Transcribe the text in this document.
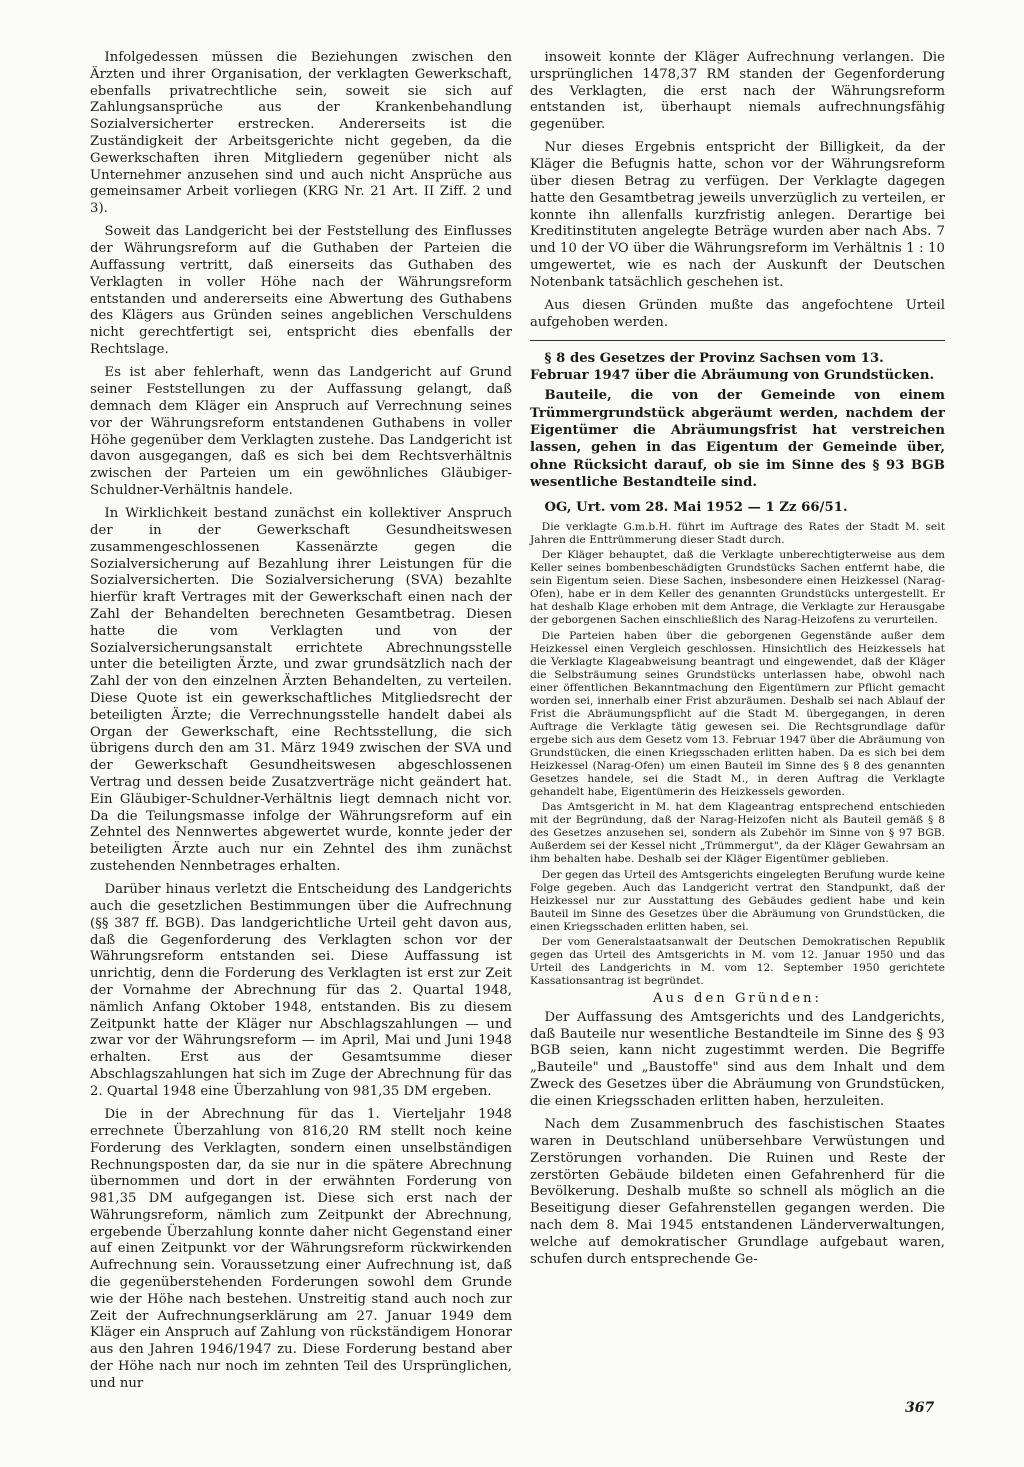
Infolgedessen müssen die Beziehungen zwischen den Ärzten und ihrer Organisation, der verklagten Gewerkschaft, ebenfalls privatrechtliche sein, soweit sie sich auf Zahlungsansprüche aus der Krankenbehandlung Sozialversicherter erstrecken. Andererseits ist die Zuständigkeit der Arbeitsgerichte nicht gegeben, da die Gewerkschaften ihren Mitgliedern gegenüber nicht als Unternehmer anzusehen sind und auch nicht Ansprüche aus gemeinsamer Arbeit vorliegen (KRG Nr. 21 Art. II Ziff. 2 und 3).

Soweit das Landgericht bei der Feststellung des Einflusses der Währungsreform auf die Guthaben der Parteien die Auffassung vertritt, daß einerseits das Guthaben des Verklagten in voller Höhe nach der Währungsreform entstanden und andererseits eine Abwertung des Guthabens des Klägers aus Gründen seines angeblichen Verschuldens nicht gerechtfertigt sei, entspricht dies ebenfalls der Rechtslage.

Es ist aber fehlerhaft, wenn das Landgericht auf Grund seiner Feststellungen zu der Auffassung gelangt, daß demnach dem Kläger ein Anspruch auf Verrechnung seines vor der Währungsreform entstandenen Guthabens in voller Höhe gegenüber dem Verklagten zustehe. Das Landgericht ist davon ausgegangen, daß es sich bei dem Rechtsverhältnis zwischen der Parteien um ein gewöhnliches Gläubiger-Schuldner-Verhältnis handele.

In Wirklichkeit bestand zunächst ein kollektiver Anspruch der in der Gewerkschaft Gesundheitswesen zusammengeschlossenen Kassenärzte gegen die Sozialversicherung auf Bezahlung ihrer Leistungen für die Sozialversicherten. Die Sozialversicherung (SVA) bezahlte hierfür kraft Vertrages mit der Gewerkschaft einen nach der Zahl der Behandelten berechneten Gesamtbetrag. Diesen hatte die vom Verklagten und von der Sozialversicherungsanstalt errichtete Abrechnungsstelle unter die beteiligten Ärzte, und zwar grundsätzlich nach der Zahl der von den einzelnen Ärzten Behandelten, zu verteilen. Diese Quote ist ein gewerkschaftliches Mitgliedsrecht der beteiligten Ärzte; die Verrechnungsstelle handelt dabei als Organ der Gewerkschaft, eine Rechtsstellung, die sich übrigens durch den am 31. März 1949 zwischen der SVA und der Gewerkschaft Gesundheitswesen abgeschlossenen Vertrag und dessen beide Zusatzverträge nicht geändert hat. Ein Gläubiger-Schuldner-Verhältnis liegt demnach nicht vor. Da die Teilungsmasse infolge der Währungsreform auf ein Zehntel des Nennwertes abgewertet wurde, konnte jeder der beteiligten Ärzte auch nur ein Zehntel des ihm zunächst zustehenden Nennbetrages erhalten.

Darüber hinaus verletzt die Entscheidung des Landgerichts auch die gesetzlichen Bestimmungen über die Aufrechnung (§§ 387 ff. BGB). Das landgerichtliche Urteil geht davon aus, daß die Gegenforderung des Verklagten schon vor der Währungsreform entstanden sei. Diese Auffassung ist unrichtig, denn die Forderung des Verklagten ist erst zur Zeit der Vornahme der Abrechnung für das 2. Quartal 1948, nämlich Anfang Oktober 1948, entstanden. Bis zu diesem Zeitpunkt hatte der Kläger nur Abschlagszahlungen — und zwar vor der Währungsreform — im April, Mai und Juni 1948 erhalten. Erst aus der Gesamtsumme dieser Abschlagszahlungen hat sich im Zuge der Abrechnung für das 2. Quartal 1948 eine Überzahlung von 981,35 DM ergeben.

Die in der Abrechnung für das 1. Vierteljahr 1948 errechnete Überzahlung von 816,20 RM stellt noch keine Forderung des Verklagten, sondern einen unselbständigen Rechnungsposten dar, da sie nur in die spätere Abrechnung übernommen und dort in der erwähnten Forderung von 981,35 DM aufgegangen ist. Diese sich erst nach der Währungsreform, nämlich zum Zeitpunkt der Abrechnung, ergebende Überzahlung konnte daher nicht Gegenstand einer auf einen Zeitpunkt vor der Währungsreform rückwirkenden Aufrechnung sein. Voraussetzung einer Aufrechnung ist, daß die gegenüberstehenden Forderungen sowohl dem Grunde wie der Höhe nach bestehen. Unstreitig stand auch noch zur Zeit der Aufrechnungserklärung am 27. Januar 1949 dem Kläger ein Anspruch auf Zahlung von rückständigem Honorar aus den Jahren 1946/1947 zu. Diese Forderung bestand aber der Höhe nach nur noch im zehnten Teil des Ursprünglichen, und nur

insoweit konnte der Kläger Aufrechnung verlangen. Die ursprünglichen 1478,37 RM standen der Gegenforderung des Verklagten, die erst nach der Währungsreform entstanden ist, überhaupt niemals aufrechnungsfähig gegenüber.

Nur dieses Ergebnis entspricht der Billigkeit, da der Kläger die Befugnis hatte, schon vor der Währungsreform über diesen Betrag zu verfügen. Der Verklagte dagegen hatte den Gesamtbetrag jeweils unverzüglich zu verteilen, er konnte ihn allenfalls kurzfristig anlegen. Derartige bei Kreditinstituten angelegte Beträge wurden aber nach Abs. 7 und 10 der VO über die Währungsreform im Verhältnis 1 : 10 umgewertet, wie es nach der Auskunft der Deutschen Notenbank tatsächlich geschehen ist.

Aus diesen Gründen mußte das angefochtene Urteil aufgehoben werden.

§ 8 des Gesetzes der Provinz Sachsen vom 13. Februar 1947 über die Abräumung von Grundstücken.

Bauteile, die von der Gemeinde von einem Trümmergrundstück abgeräumt werden, nachdem der Eigentümer die Abräumungsfrist hat verstreichen lassen, gehen in das Eigentum der Gemeinde über, ohne Rücksicht darauf, ob sie im Sinne des § 93 BGB wesentliche Bestandteile sind.

OG, Urt. vom 28. Mai 1952 — 1 Zz 66/51.

Die verklagte G.m.b.H. führt im Auftrage des Rates der Stadt M. seit Jahren die Enttrümmerung dieser Stadt durch.

Der Kläger behauptet, daß die Verklagte unberechtigterweise aus dem Keller seines bombenbeschädigten Grundstücks Sachen entfernt habe, die sein Eigentum seien. Diese Sachen, insbesondere einen Heizkessel (Narag-Ofen), habe er in dem Keller des genannten Grundstücks untergestellt. Er hat deshalb Klage erhoben mit dem Antrage, die Verklagte zur Herausgabe der geborgenen Sachen einschließlich des Narag-Heizofens zu verurteilen.

Die Parteien haben über die geborgenen Gegenstände außer dem Heizkessel einen Vergleich geschlossen. Hinsichtlich des Heizkessels hat die Verklagte Klageabweisung beantragt und eingewendet, daß der Kläger die Selbsträumung seines Grundstücks unterlassen habe, obwohl nach einer öffentlichen Bekanntmachung den Eigentümern zur Pflicht gemacht worden sei, innerhalb einer Frist abzuräumen. Deshalb sei nach Ablauf der Frist die Abräumungspflicht auf die Stadt M. übergegangen, in deren Auftrage die Verklagte tätig gewesen sei. Die Rechtsgrundlage dafür ergebe sich aus dem Gesetz vom 13. Februar 1947 über die Abräumung von Grundstücken, die einen Kriegsschaden erlitten haben. Da es sich bei dem Heizkessel (Narag-Ofen) um einen Bauteil im Sinne des § 8 des genannten Gesetzes handele, sei die Stadt M., in deren Auftrag die Verklagte gehandelt habe, Eigentümerin des Heizkessels geworden.

Das Amtsgericht in M. hat dem Klageantrag entsprechend entschieden mit der Begründung, daß der Narag-Heizofen nicht als Bauteil gemäß § 8 des Gesetzes anzusehen sei, sondern als Zubehör im Sinne von § 97 BGB. Außerdem sei der Kessel nicht „Trümmergut", da der Kläger Gewahrsam an ihm behalten habe. Deshalb sei der Kläger Eigentümer geblieben.

Der gegen das Urteil des Amtsgerichts eingelegten Berufung wurde keine Folge gegeben. Auch das Landgericht vertrat den Standpunkt, daß der Heizkessel nur zur Ausstattung des Gebäudes gedient habe und kein Bauteil im Sinne des Gesetzes über die Abräumung von Grundstücken, die einen Kriegsschaden erlitten haben, sei.

Der vom Generalstaatsanwalt der Deutschen Demokratischen Republik gegen das Urteil des Amtsgerichts in M. vom 12. Januar 1950 und das Urteil des Landgerichts in M. vom 12. September 1950 gerichtete Kassationsantrag ist begründet.

Aus den Gründen:

Der Auffassung des Amtsgerichts und des Landgerichts, daß Bauteile nur wesentliche Bestandteile im Sinne des § 93 BGB seien, kann nicht zugestimmt werden. Die Begriffe „Bauteile" und „Baustoffe" sind aus dem Inhalt und dem Zweck des Gesetzes über die Abräumung von Grundstücken, die einen Kriegsschaden erlitten haben, herzuleiten.

Nach dem Zusammenbruch des faschistischen Staates waren in Deutschland unübersehbare Verwüstungen und Zerstörungen vorhanden. Die Ruinen und Reste der zerstörten Gebäude bildeten einen Gefahrenherd für die Bevölkerung. Deshalb mußte so schnell als möglich an die Beseitigung dieser Gefahrenstellen gegangen werden. Die nach dem 8. Mai 1945 entstandenen Länderverwaltungen, welche auf demokratischer Grundlage aufgebaut waren, schufen durch entsprechende Ge-

367
